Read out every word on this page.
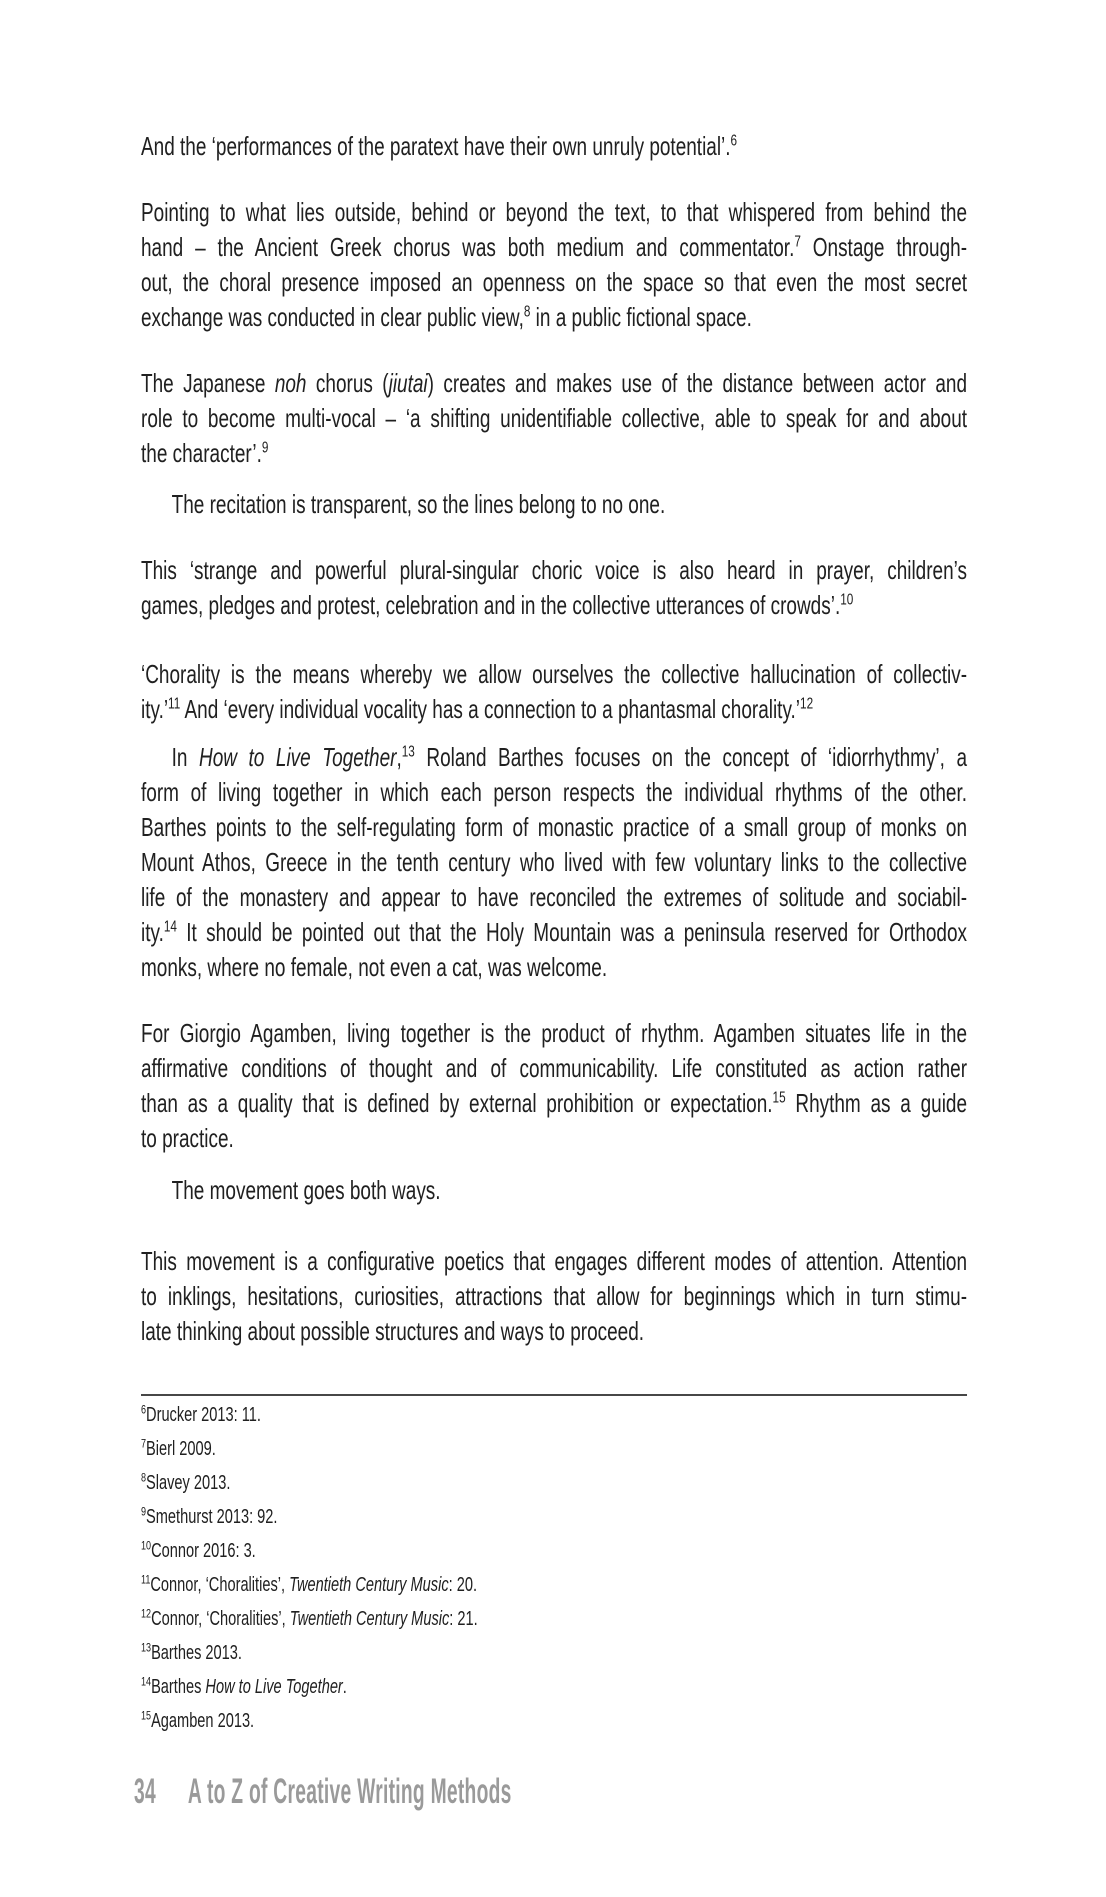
And the ‘performances of the paratext have their own unruly potential’.$^6$
Pointing to what lies outside, behind or beyond the text, to that whispered from behind the
hand – the Ancient Greek chorus was both medium and commentator.$^7$ Onstage through-
out, the choral presence imposed an openness on the space so that even the most secret
exchange was conducted in clear public view,$^8$ in a public fictional space.
The Japanese noh chorus (jiutai) creates and makes use of the distance between actor and
role to become multi-vocal – ‘a shifting unidentifiable collective, able to speak for and about
the character’.$^9$
The recitation is transparent, so the lines belong to no one.
This ‘strange and powerful plural-singular choric voice is also heard in prayer, children’s
games, pledges and protest, celebration and in the collective utterances of crowds’.$^{10}$
‘Chorality is the means whereby we allow ourselves the collective hallucination of collectiv-
ity.’$^{11}$ And ‘every individual vocality has a connection to a phantasmal chorality.’$^{12}$
In How to Live Together,$^{13}$ Roland Barthes focuses on the concept of ‘idiorrhythmy’, a
form of living together in which each person respects the individual rhythms of the other.
Barthes points to the self-regulating form of monastic practice of a small group of monks on
Mount Athos, Greece in the tenth century who lived with few voluntary links to the collective
life of the monastery and appear to have reconciled the extremes of solitude and sociabil-
ity.$^{14}$ It should be pointed out that the Holy Mountain was a peninsula reserved for Orthodox
monks, where no female, not even a cat, was welcome.
For Giorgio Agamben, living together is the product of rhythm. Agamben situates life in the
affirmative conditions of thought and of communicability. Life constituted as action rather
than as a quality that is defined by external prohibition or expectation.$^{15}$ Rhythm as a guide
to practice.
The movement goes both ways.
This movement is a configurative poetics that engages different modes of attention. Attention
to inklings, hesitations, curiosities, attractions that allow for beginnings which in turn stimu-
late thinking about possible structures and ways to proceed.
$^6$Drucker 2013: 11.
$^7$Bierl 2009.
$^8$Slavey 2013.
$^9$Smethurst 2013: 92.
$^{10}$Connor 2016: 3.
$^{11}$Connor, ‘Choralities’, Twentieth Century Music: 20.
$^{12}$Connor, ‘Choralities’, Twentieth Century Music: 21.
$^{13}$Barthes 2013.
$^{14}$Barthes How to Live Together.
$^{15}$Agamben 2013.
34 A to Z of Creative Writing Methods
